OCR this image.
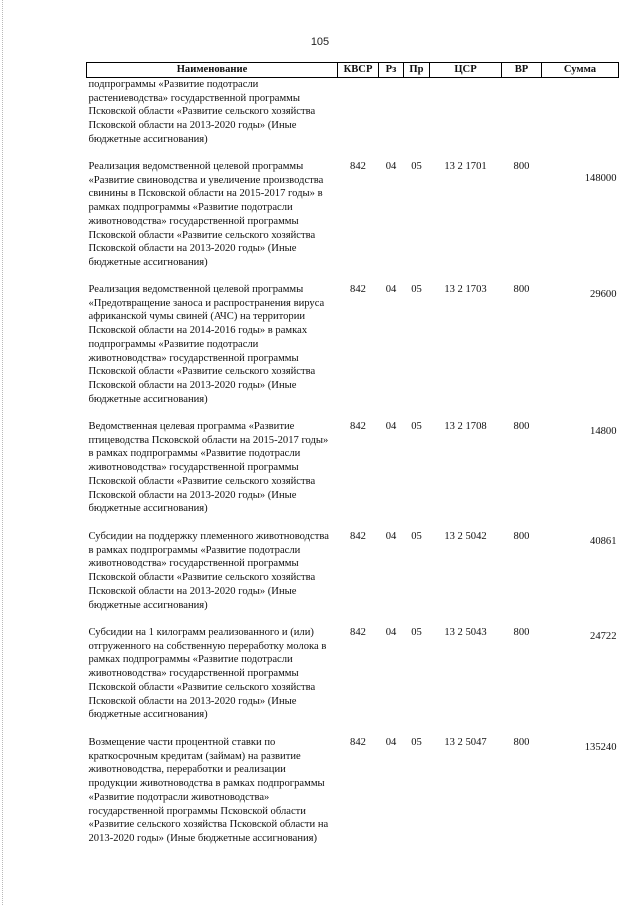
105
Наименование	КВСР	Рз	Пр	ЦСР	ВР	Сумма
подпрограммы «Развитие подотрасли растениеводства» государственной программы Псковской области «Развитие сельского хозяйства Псковской области на 2013-2020 годы» (Иные бюджетные ассигнования)						
Реализация ведомственной целевой программы «Развитие свиноводства и увеличение производства свинины в Псковской области на 2015-2017 годы» в рамках подпрограммы «Развитие подотрасли животноводства» государственной программы Псковской области «Развитие сельского хозяйства Псковской области на 2013-2020 годы» (Иные бюджетные ассигнования)	842	04	05	13 2 1701	800	148000
Реализация ведомственной целевой программы «Предотвращение заноса и распространения вируса африканской чумы свиней (АЧС) на территории Псковской области на 2014-2016 годы» в рамках подпрограммы «Развитие подотрасли животноводства» государственной программы Псковской области «Развитие сельского хозяйства Псковской области на 2013-2020 годы» (Иные бюджетные ассигнования)	842	04	05	13 2 1703	800	29600
Ведомственная целевая программа «Развитие птицеводства Псковской области на 2015-2017 годы» в рамках подпрограммы «Развитие подотрасли животноводства» государственной программы Псковской области «Развитие сельского хозяйства Псковской области на 2013-2020 годы» (Иные бюджетные ассигнования)	842	04	05	13 2 1708	800	14800
Субсидии на поддержку племенного животноводства в рамках подпрограммы «Развитие подотрасли животноводства» государственной программы Псковской области «Развитие сельского хозяйства Псковской области на 2013-2020 годы» (Иные бюджетные ассигнования)	842	04	05	13 2 5042	800	40861
Субсидии на 1 килограмм реализованного и (или) отгруженного на собственную переработку молока в рамках подпрограммы «Развитие подотрасли животноводства» государственной программы Псковской области «Развитие сельского хозяйства Псковской области на 2013-2020 годы» (Иные бюджетные ассигнования)	842	04	05	13 2 5043	800	24722
Возмещение части процентной ставки по краткосрочным кредитам (займам) на развитие животноводства, переработки и реализации продукции животноводства в рамках подпрограммы «Развитие подотрасли животноводства» государственной программы Псковской области «Развитие сельского хозяйства Псковской области на 2013-2020 годы» (Иные бюджетные ассигнования)	842	04	05	13 2 5047	800	135240
